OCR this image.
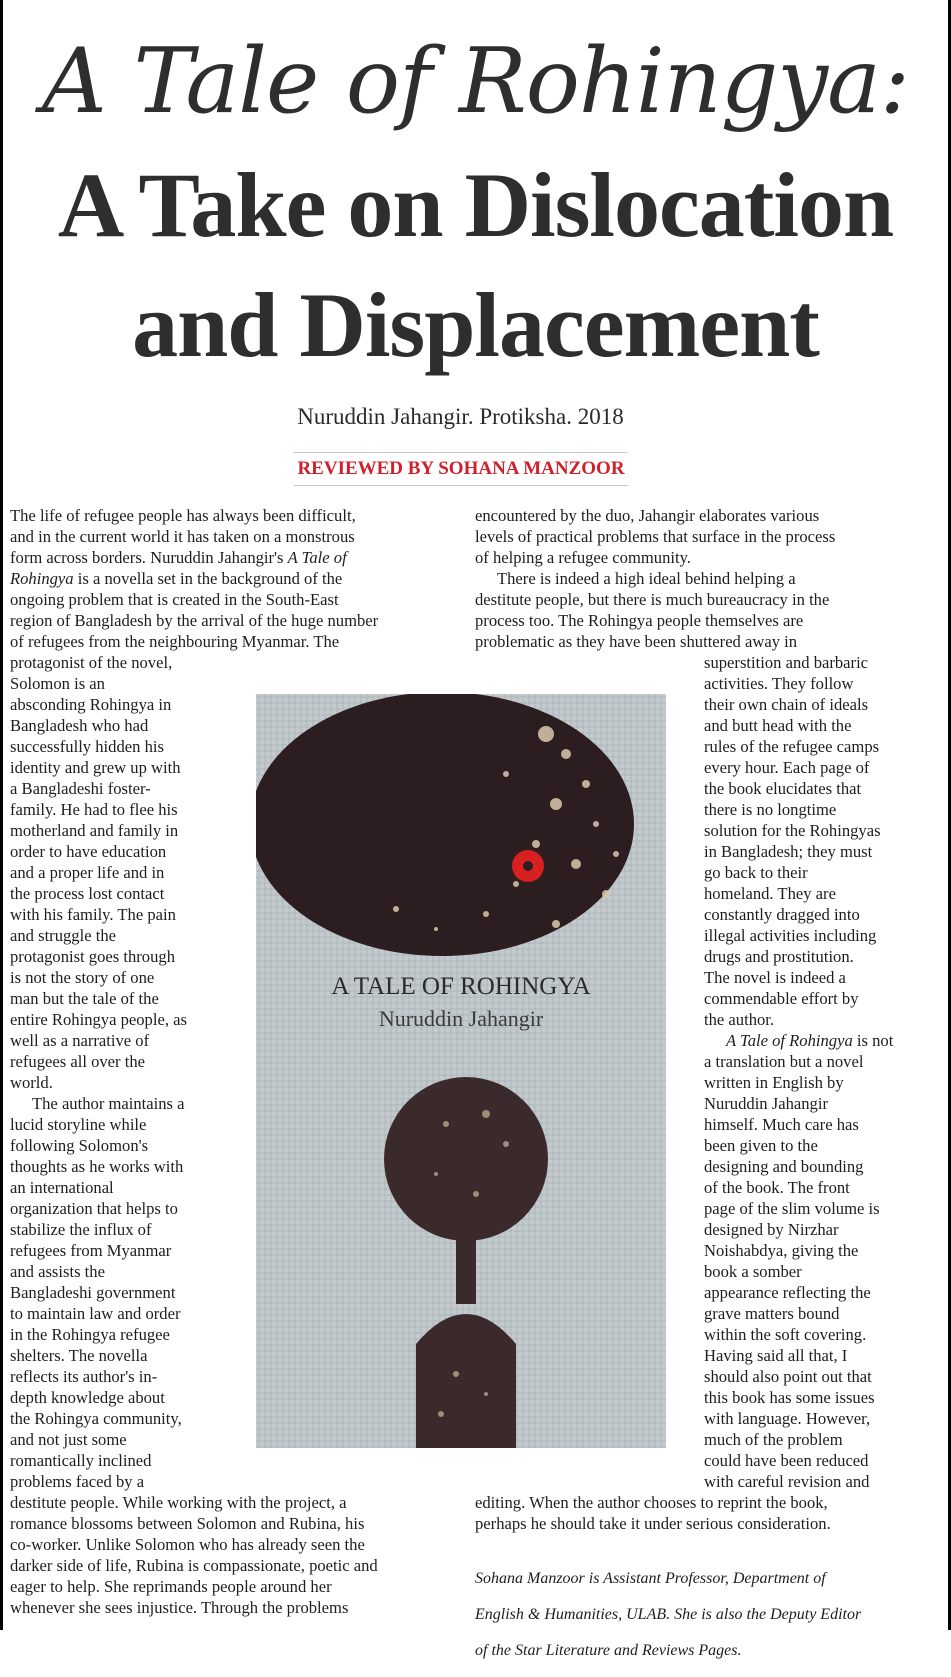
A Tale of Rohingya:
A Take on Dislocation
and Displacement
Nuruddin Jahangir. Protiksha. 2018
REVIEWED BY SOHANA MANZOOR

The life of refugee people has always been difficult,

and in the current world it has taken on a monstrous

form across borders. Nuruddin Jahangir's A Tale of

Rohingya is a novella set in the background of the

ongoing problem that is created in the South-East

region of Bangladesh by the arrival of the huge number

of refugees from the neighbouring Myanmar. The

protagonist of the novel,

Solomon is an

absconding Rohingya in

Bangladesh who had

successfully hidden his

identity and grew up with

a Bangladeshi foster-

family. He had to flee his

motherland and family in

order to have education

and a proper life and in

the process lost contact

with his family. The pain

and struggle the

protagonist goes through

is not the story of one

man but the tale of the

entire Rohingya people, as

well as a narrative of

refugees all over the

world.

The author maintains a

lucid storyline while

following Solomon's

thoughts as he works with

an international

organization that helps to

stabilize the influx of

refugees from Myanmar

and assists the

Bangladeshi government

to maintain law and order

in the Rohingya refugee

shelters. The novella

reflects its author's in-

depth knowledge about

the Rohingya community,

and not just some

romantically inclined

problems faced by a

destitute people. While working with the project, a

romance blossoms between Solomon and Rubina, his

co-worker. Unlike Solomon who has already seen the

darker side of life, Rubina is compassionate, poetic and

eager to help. She reprimands people around her

whenever she sees injustice. Through the problems

encountered by the duo, Jahangir elaborates various

levels of practical problems that surface in the process

of helping a refugee community.

There is indeed a high ideal behind helping a

destitute people, but there is much bureaucracy in the

process too. The Rohingya people themselves are

problematic as they have been shuttered away in

superstition and barbaric

activities. They follow

their own chain of ideals

and butt head with the

rules of the refugee camps

every hour. Each page of

the book elucidates that

there is no longtime

solution for the Rohingyas

in Bangladesh; they must

go back to their

homeland. They are

constantly dragged into

illegal activities including

drugs and prostitution.

The novel is indeed a

commendable effort by

the author.

A Tale of Rohingya is not

a translation but a novel

written in English by

Nuruddin Jahangir

himself. Much care has

been given to the

designing and bounding

of the book. The front

page of the slim volume is

designed by Nirzhar

Noishabdya, giving the

book a somber

appearance reflecting the

grave matters bound

within the soft covering.

Having said all that, I

should also point out that

this book has some issues

with language. However,

much of the problem

could have been reduced

with careful revision and

editing. When the author chooses to reprint the book,

perhaps he should take it under serious consideration.

Sohana Manzoor is Assistant Professor, Department of

English & Humanities, ULAB. She is also the Deputy Editor

of the Star Literature and Reviews Pages.

A TALE OF ROHINGYA
Nuruddin Jahangir
